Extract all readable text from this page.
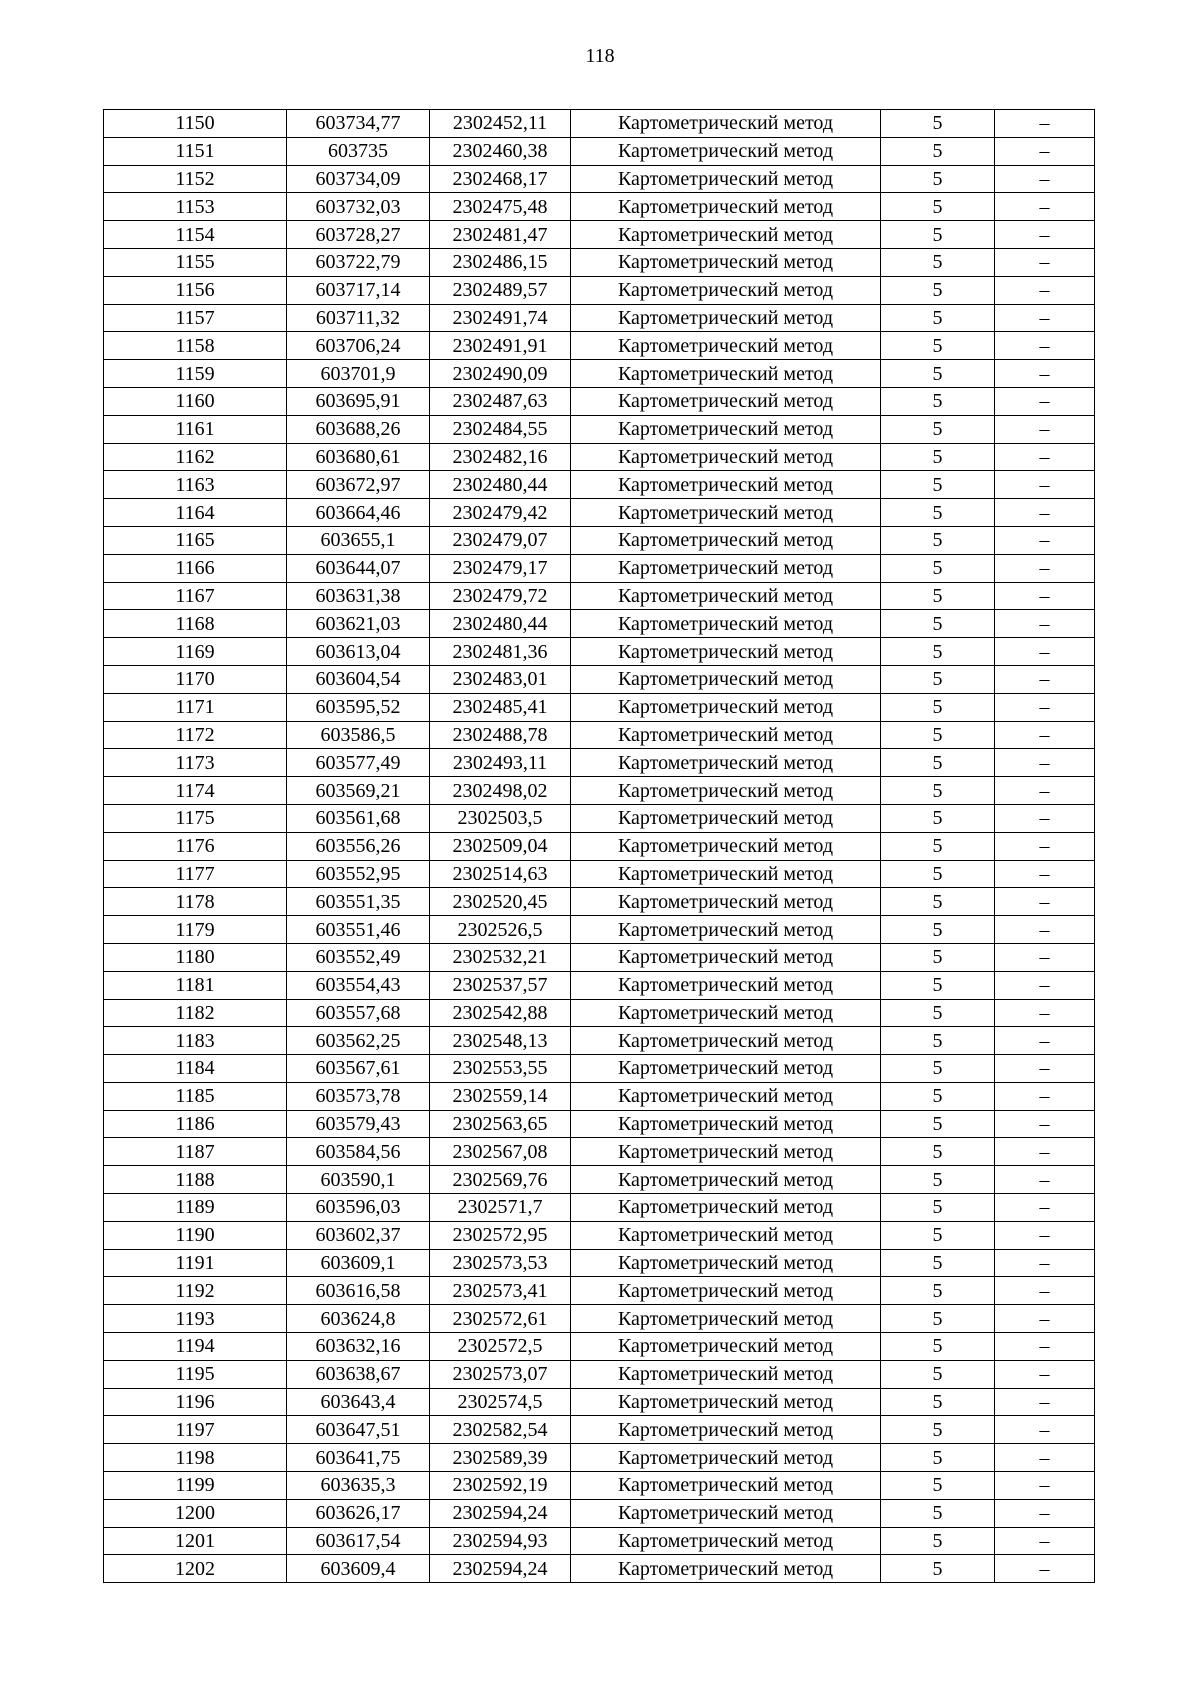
118
1150	603734,77	2302452,11	Картометрический метод	5	–
1151	603735	2302460,38	Картометрический метод	5	–
1152	603734,09	2302468,17	Картометрический метод	5	–
1153	603732,03	2302475,48	Картометрический метод	5	–
1154	603728,27	2302481,47	Картометрический метод	5	–
1155	603722,79	2302486,15	Картометрический метод	5	–
1156	603717,14	2302489,57	Картометрический метод	5	–
1157	603711,32	2302491,74	Картометрический метод	5	–
1158	603706,24	2302491,91	Картометрический метод	5	–
1159	603701,9	2302490,09	Картометрический метод	5	–
1160	603695,91	2302487,63	Картометрический метод	5	–
1161	603688,26	2302484,55	Картометрический метод	5	–
1162	603680,61	2302482,16	Картометрический метод	5	–
1163	603672,97	2302480,44	Картометрический метод	5	–
1164	603664,46	2302479,42	Картометрический метод	5	–
1165	603655,1	2302479,07	Картометрический метод	5	–
1166	603644,07	2302479,17	Картометрический метод	5	–
1167	603631,38	2302479,72	Картометрический метод	5	–
1168	603621,03	2302480,44	Картометрический метод	5	–
1169	603613,04	2302481,36	Картометрический метод	5	–
1170	603604,54	2302483,01	Картометрический метод	5	–
1171	603595,52	2302485,41	Картометрический метод	5	–
1172	603586,5	2302488,78	Картометрический метод	5	–
1173	603577,49	2302493,11	Картометрический метод	5	–
1174	603569,21	2302498,02	Картометрический метод	5	–
1175	603561,68	2302503,5	Картометрический метод	5	–
1176	603556,26	2302509,04	Картометрический метод	5	–
1177	603552,95	2302514,63	Картометрический метод	5	–
1178	603551,35	2302520,45	Картометрический метод	5	–
1179	603551,46	2302526,5	Картометрический метод	5	–
1180	603552,49	2302532,21	Картометрический метод	5	–
1181	603554,43	2302537,57	Картометрический метод	5	–
1182	603557,68	2302542,88	Картометрический метод	5	–
1183	603562,25	2302548,13	Картометрический метод	5	–
1184	603567,61	2302553,55	Картометрический метод	5	–
1185	603573,78	2302559,14	Картометрический метод	5	–
1186	603579,43	2302563,65	Картометрический метод	5	–
1187	603584,56	2302567,08	Картометрический метод	5	–
1188	603590,1	2302569,76	Картометрический метод	5	–
1189	603596,03	2302571,7	Картометрический метод	5	–
1190	603602,37	2302572,95	Картометрический метод	5	–
1191	603609,1	2302573,53	Картометрический метод	5	–
1192	603616,58	2302573,41	Картометрический метод	5	–
1193	603624,8	2302572,61	Картометрический метод	5	–
1194	603632,16	2302572,5	Картометрический метод	5	–
1195	603638,67	2302573,07	Картометрический метод	5	–
1196	603643,4	2302574,5	Картометрический метод	5	–
1197	603647,51	2302582,54	Картометрический метод	5	–
1198	603641,75	2302589,39	Картометрический метод	5	–
1199	603635,3	2302592,19	Картометрический метод	5	–
1200	603626,17	2302594,24	Картометрический метод	5	–
1201	603617,54	2302594,93	Картометрический метод	5	–
1202	603609,4	2302594,24	Картометрический метод	5	–
